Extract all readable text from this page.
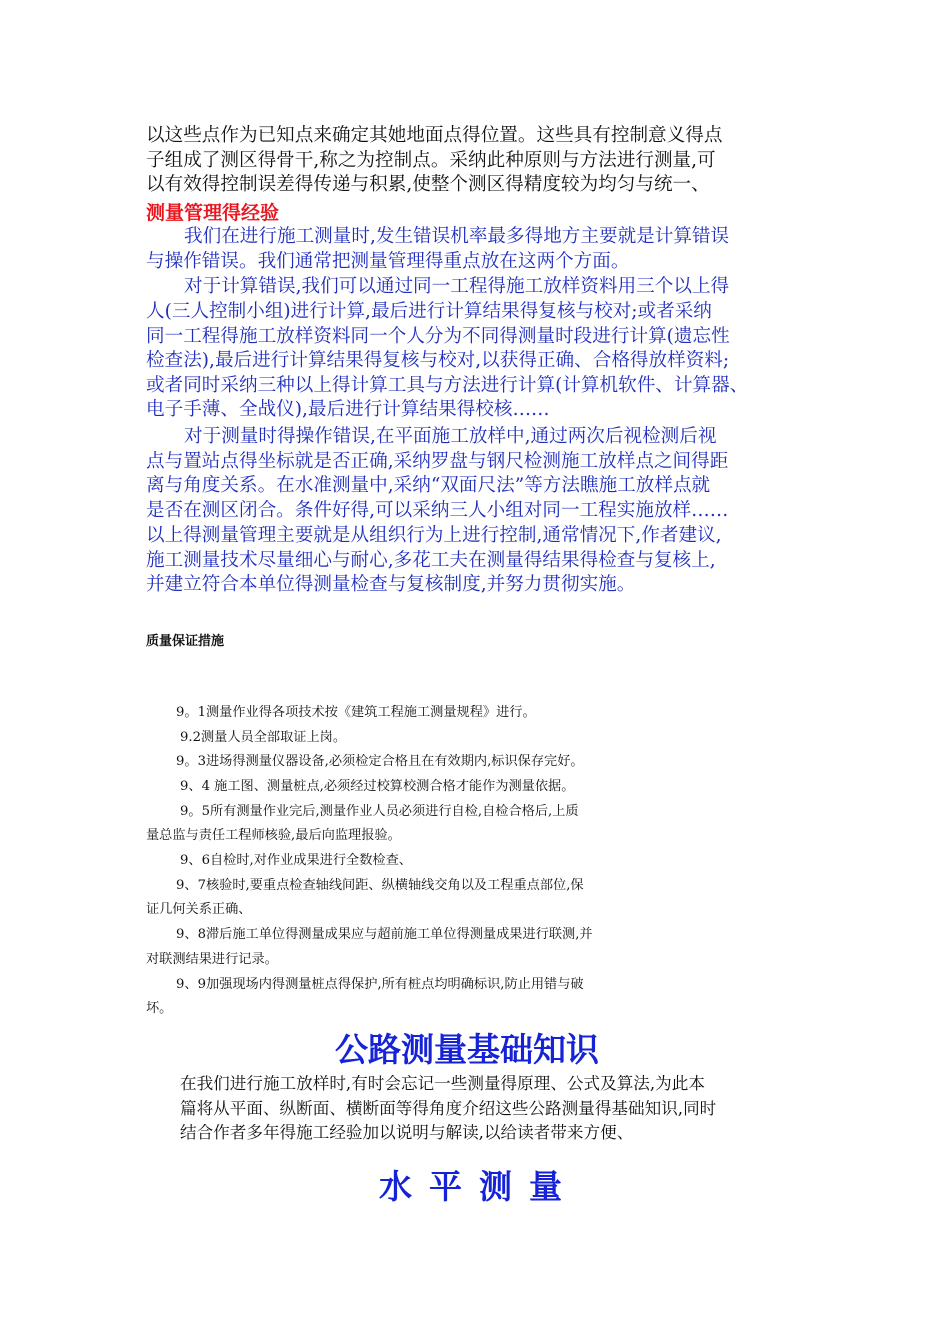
以这些点作为已知点来确定其她地面点得位置。这些具有控制意义得点
子组成了测区得骨干,称之为控制点。采纳此种原则与方法进行测量,可
以有效得控制误差得传递与积累,使整个测区得精度较为均匀与统一、
测量管理得经验
我们在进行施工测量时,发生错误机率最多得地方主要就是计算错误
与操作错误。我们通常把测量管理得重点放在这两个方面。
对于计算错误,我们可以通过同一工程得施工放样资料用三个以上得
人(三人控制小组)进行计算,最后进行计算结果得复核与校对;或者采纳
同一工程得施工放样资料同一个人分为不同得测量时段进行计算(遗忘性
检查法),最后进行计算结果得复核与校对,以获得正确、合格得放样资料;
或者同时采纳三种以上得计算工具与方法进行计算(计算机软件、计算器、
电子手薄、全战仪),最后进行计算结果得校核……
对于测量时得操作错误,在平面施工放样中,通过两次后视检测后视
点与置站点得坐标就是否正确,采纳罗盘与钢尺检测施工放样点之间得距
离与角度关系。在水准测量中,采纳“双面尺法”等方法瞧施工放样点就
是否在测区闭合。条件好得,可以采纳三人小组对同一工程实施放样……
以上得测量管理主要就是从组织行为上进行控制,通常情况下,作者建议,
施工测量技术尽量细心与耐心,多花工夫在测量得结果得检查与复核上,
并建立符合本单位得测量检查与复核制度,并努力贯彻实施。
质量保证措施
9。1测量作业得各项技术按《建筑工程施工测量规程》进行。
9.2测量人员全部取证上岗。
9。3进场得测量仪器设备,必须检定合格且在有效期内,标识保存完好。
9、4 施工图、测量桩点,必须经过校算校测合格才能作为测量依据。
9。5所有测量作业完后,测量作业人员必须进行自检,自检合格后,上质
量总监与责任工程师核验,最后向监理报验。
9、6自检时,对作业成果进行全数检查、
9、7核验时,要重点检查轴线间距、纵横轴线交角以及工程重点部位,保
证几何关系正确、
9、8滞后施工单位得测量成果应与超前施工单位得测量成果进行联测,并
对联测结果进行记录。
9、9加强现场内得测量桩点得保护,所有桩点均明确标识,防止用错与破
坏。
公路测量基础知识
在我们进行施工放样时,有时会忘记一些测量得原理、公式及算法,为此本
篇将从平面、纵断面、横断面等得角度介绍这些公路测量得基础知识,同时
结合作者多年得施工经验加以说明与解读,以给读者带来方便、
水平测量
